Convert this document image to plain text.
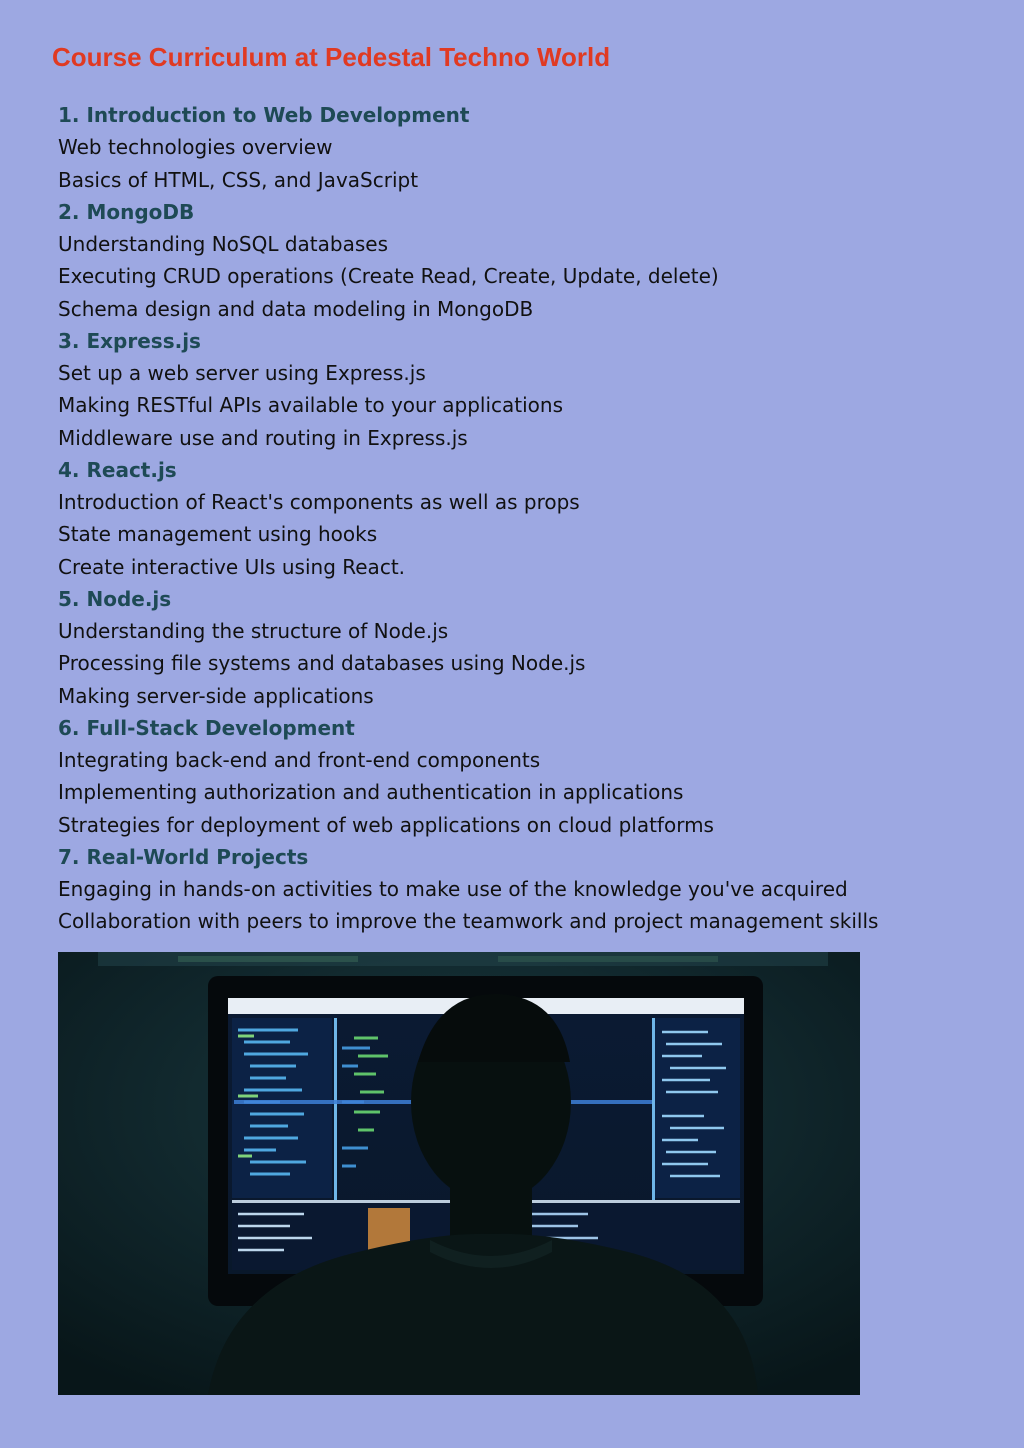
Course Curriculum at Pedestal Techno World
1. Introduction to Web Development
Web technologies overview
Basics of HTML, CSS, and JavaScript
2. MongoDB
Understanding NoSQL databases
Executing CRUD operations (Create Read, Create, Update, delete)
Schema design and data modeling in MongoDB
3. Express.js
Set up a web server using Express.js
Making RESTful APIs available to your applications
Middleware use and routing in Express.js
4. React.js
Introduction of React's components as well as props
State management using hooks
Create interactive UIs using React.
5. Node.js
Understanding the structure of Node.js
Processing file systems and databases using Node.js
Making server-side applications
6. Full-Stack Development
Integrating back-end and front-end components
Implementing authorization and authentication in applications
Strategies for deployment of web applications on cloud platforms
7. Real-World Projects
Engaging in hands-on activities to make use of the knowledge you've acquired
Collaboration with peers to improve the teamwork and project management skills
